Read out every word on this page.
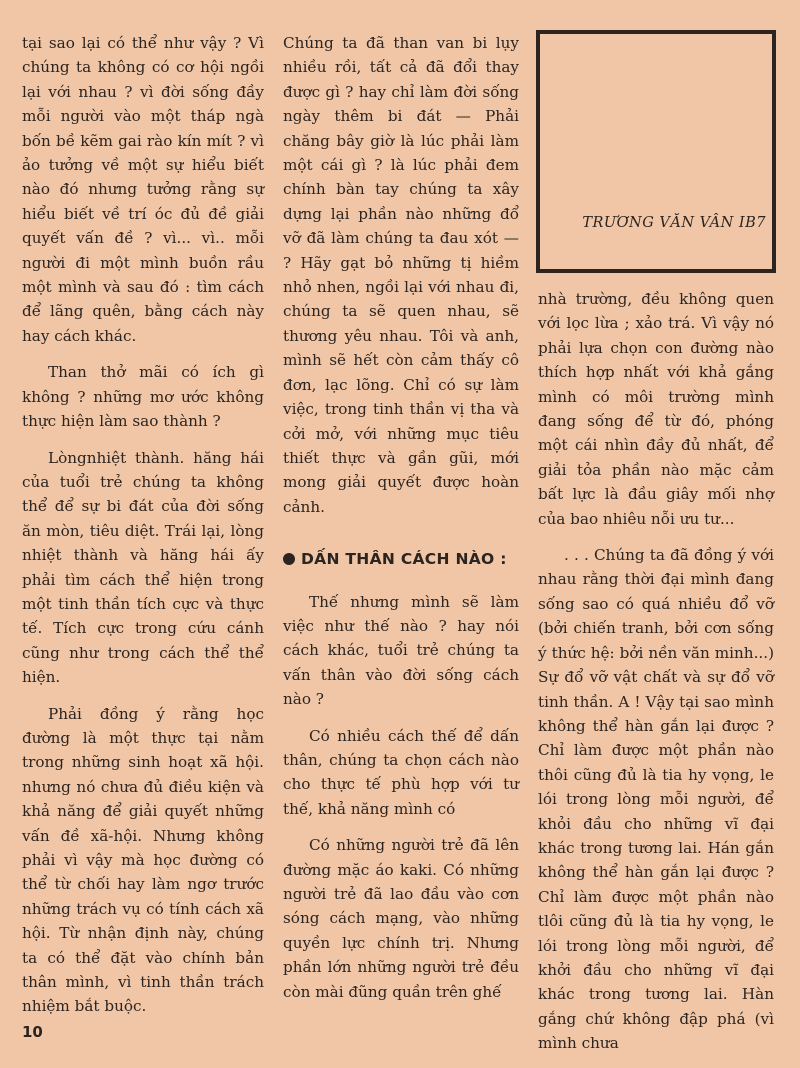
tại sao lại có thể như vậy ? Vì chúng ta không có cơ hội ngồi lại với nhau ? vì đời sống đầy mỗi người vào một tháp ngà bốn bề kẽm gai rào kín mít ? vì ảo tưởng về một sự hiểu biết nào đó nhưng tưởng rằng sự hiểu biết về trí óc đủ đề giải quyết vấn đề ? vì... vì.. mỗi người đi một mình buồn rầu một mình và sau đó : tìm cách để lãng quên, bằng cách này hay cách khác.

Than thở mãi có ích gì không ? những mơ ước không thực hiện làm sao thành ?

Lòngnhiệt thành. hăng hái của tuổi trẻ chúng ta không thể để sự bi đát của đời sống ăn mòn, tiêu diệt. Trái lại, lòng nhiệt thành và hăng hái ấy phải tìm cách thể hiện trong một tinh thần tích cực và thực tế. Tích cực trong cứu cánh cũng như trong cách thể thể hiện.

Phải đồng ý rằng học đường là một thực tại nằm trong những sinh hoạt xã hội. nhưng nó chưa đủ điều kiện và khả năng để giải quyết những vấn đề xã-hội. Nhưng không phải vì vậy mà học đường có thể từ chối hay làm ngơ trước những trách vụ có tính cách xã hội. Từ nhận định này, chúng ta có thể đặt vào chính bản thân mình, vì tinh thần trách nhiệm bắt buộc.

Chúng ta đã than van bi lụy nhiều rồi, tất cả đã đổi thay được gì ? hay chỉ làm đời sống ngày thêm bi đát — Phải chăng bây giờ là lúc phải làm một cái gì ? là lúc phải đem chính bàn tay chúng ta xây dựng lại phần nào những đổ vỡ đã làm chúng ta đau xót — ? Hãy gạt bỏ những tị hiềm nhỏ nhen, ngồi lại với nhau đi, chúng ta sẽ quen nhau, sẽ thương yêu nhau. Tôi và anh, mình sẽ hết còn cảm thấy cô đơn, lạc lõng. Chỉ có sự làm việc, trong tinh thần vị tha và cởi mở, với những mục tiêu thiết thực và gần gũi, mới mong giải quyết được hoàn cảnh.

DẤN THÂN CÁCH NÀO :

Thế nhưng mình sẽ làm việc như thế nào ? hay nói cách khác, tuổi trẻ chúng ta vấn thân vào đời sống cách nào ?

Có nhiều cách thế để dấn thân, chúng ta chọn cách nào cho thực tế phù hợp với tư thế, khả năng mình có

Có những người trẻ đã lên đường mặc áo kaki. Có những người trẻ đã lao đầu vào cơn sóng cách mạng, vào những quyền lực chính trị. Nhưng phần lớn những người trẻ đều còn mài đũng quần trên ghế

TRƯƠNG VĂN VÂN IB7

nhà trường, đều không quen với lọc lừa ; xảo trá. Vì vậy nó phải lựa chọn con đường nào thích hợp nhất với khả gắng mình có môi trường mình đang sống để từ đó, phóng một cái nhìn đầy đủ nhất, để giải tỏa phần nào mặc cảm bất lực là đầu giây mối nhợ của bao nhiêu nỗi ưu tư...

. . . Chúng ta đã đồng ý với nhau rằng thời đại mình đang sống sao có quá nhiều đổ vỡ (bởi chiến tranh, bởi cơn sống ý thức hệ: bởi nền văn minh...) Sự đổ vỡ vật chất và sự đổ vỡ tinh thần. A ! Vậy tại sao mình không thể hàn gắn lại được ? Chỉ làm được một phần nào thôi cũng đủ là tia hy vọng, le lói trong lòng mỗi người, để khỏi đầu cho những vĩ đại khác trong tương lai. Hán gắn không thể hàn gắn lại được ? Chỉ làm được một phần nào tlôi cũng đủ là tia hy vọng, le lói trong lòng mỗi người, để khởi đầu cho những vĩ đại khác trong tương lai. Hàn gắng chứ không đập phá (vì mình chưa

10
